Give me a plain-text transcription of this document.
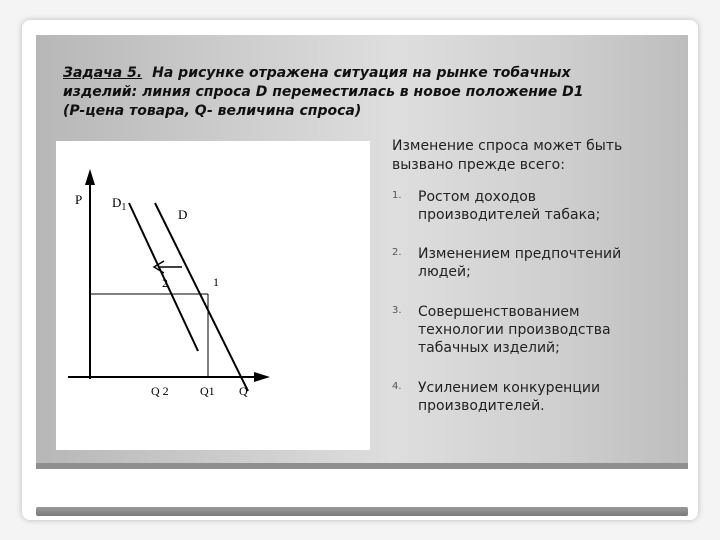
Задача 5. На рисунке отражена ситуация на рынке тобачных
изделий: линия спроса D переместилась в новое положение D1
(P-цена товара, Q- величина спроса)
P $D_1$	D
1
2
Q1
Q 2	Q
Изменение спроса может быть
вызвано прежде всего:
1. Ростом доходов
производителей табака;
2. Изменением предпочтений
людей;
3. Совершенствованием
технологии производства
табачных изделий;
4. Усилением конкуренции
производителей.
